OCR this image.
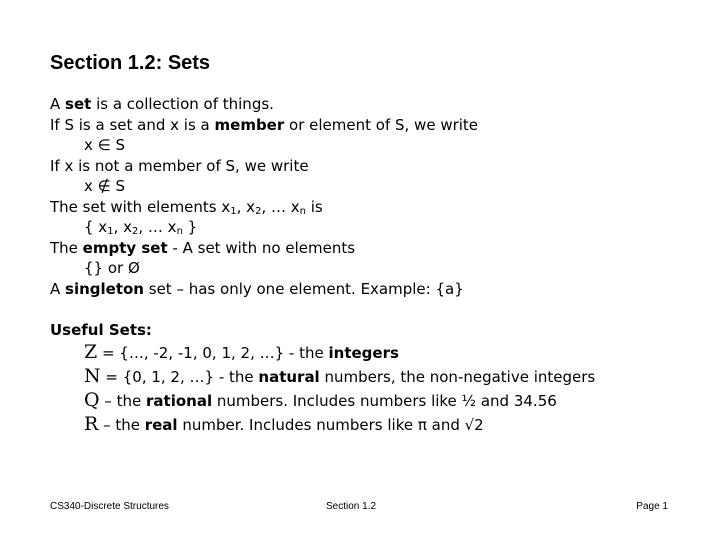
Section 1.2: Sets
A set is a collection of things.
If S is a set and x is a member or element of S, we write
x ∈ S
If x is not a member of S, we write
x ∉ S
The set with elements $x_1$, $x_2$, … $x_n$ is
{ $x_1$, $x_2$, … $x_n$ }
The empty set - A set with no elements
{} or Ø
A singleton set – has only one element. Example: {a}
Useful Sets:
Z = {…, -2, -1, 0, 1, 2, …} - the integers
N = {0, 1, 2, …} - the natural numbers, the non-negative integers
Q – the rational numbers. Includes numbers like ½ and 34.56
R – the real number. Includes numbers like π and √2
CS340-Discrete Structures	Section 1.2	Page 1
